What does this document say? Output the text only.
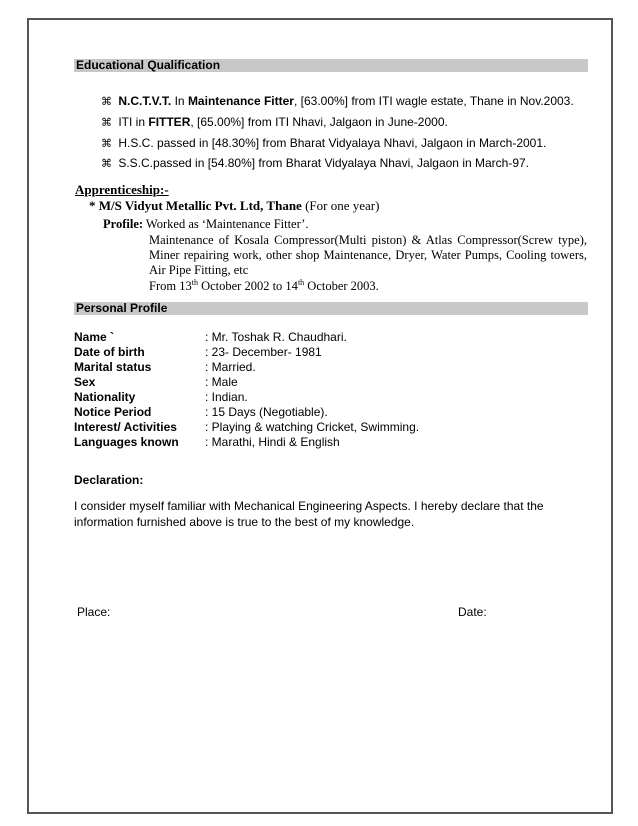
Educational Qualification
⌘ N.C.T.V.T. In Maintenance Fitter, [63.00%] from ITI wagle estate, Thane in Nov.2003.
⌘ ITI in FITTER, [65.00%] from ITI Nhavi, Jalgaon in June-2000.
⌘ H.S.C. passed in [48.30%] from Bharat Vidyalaya Nhavi, Jalgaon in March-2001.
⌘ S.S.C.passed in [54.80%] from Bharat Vidyalaya Nhavi, Jalgaon in March-97.
Apprenticeship:-
* M/S Vidyut Metallic Pvt. Ltd, Thane (For one year)
Profile: Worked as ‘Maintenance Fitter’.
Maintenance of Kosala Compressor(Multi piston) & Atlas Compressor(Screw type),
Miner repairing work, other shop Maintenance, Dryer, Water Pumps, Cooling towers,
Air Pipe Fitting, etc
From 13th October 2002 to 14th October 2003.
Personal Profile
Name `	: Mr. Toshak R. Chaudhari.
Date of birth	: 23- December- 1981
Marital status	: Married.
Sex	: Male
Nationality	: Indian.
Notice Period	: 15 Days (Negotiable).
Interest/ Activities : Playing & watching Cricket, Swimming.
Languages known : Marathi, Hindi & English
Declaration:
I consider myself familiar with Mechanical Engineering Aspects. I hereby declare that the information furnished above is true to the best of my knowledge.
Place:	Date:
